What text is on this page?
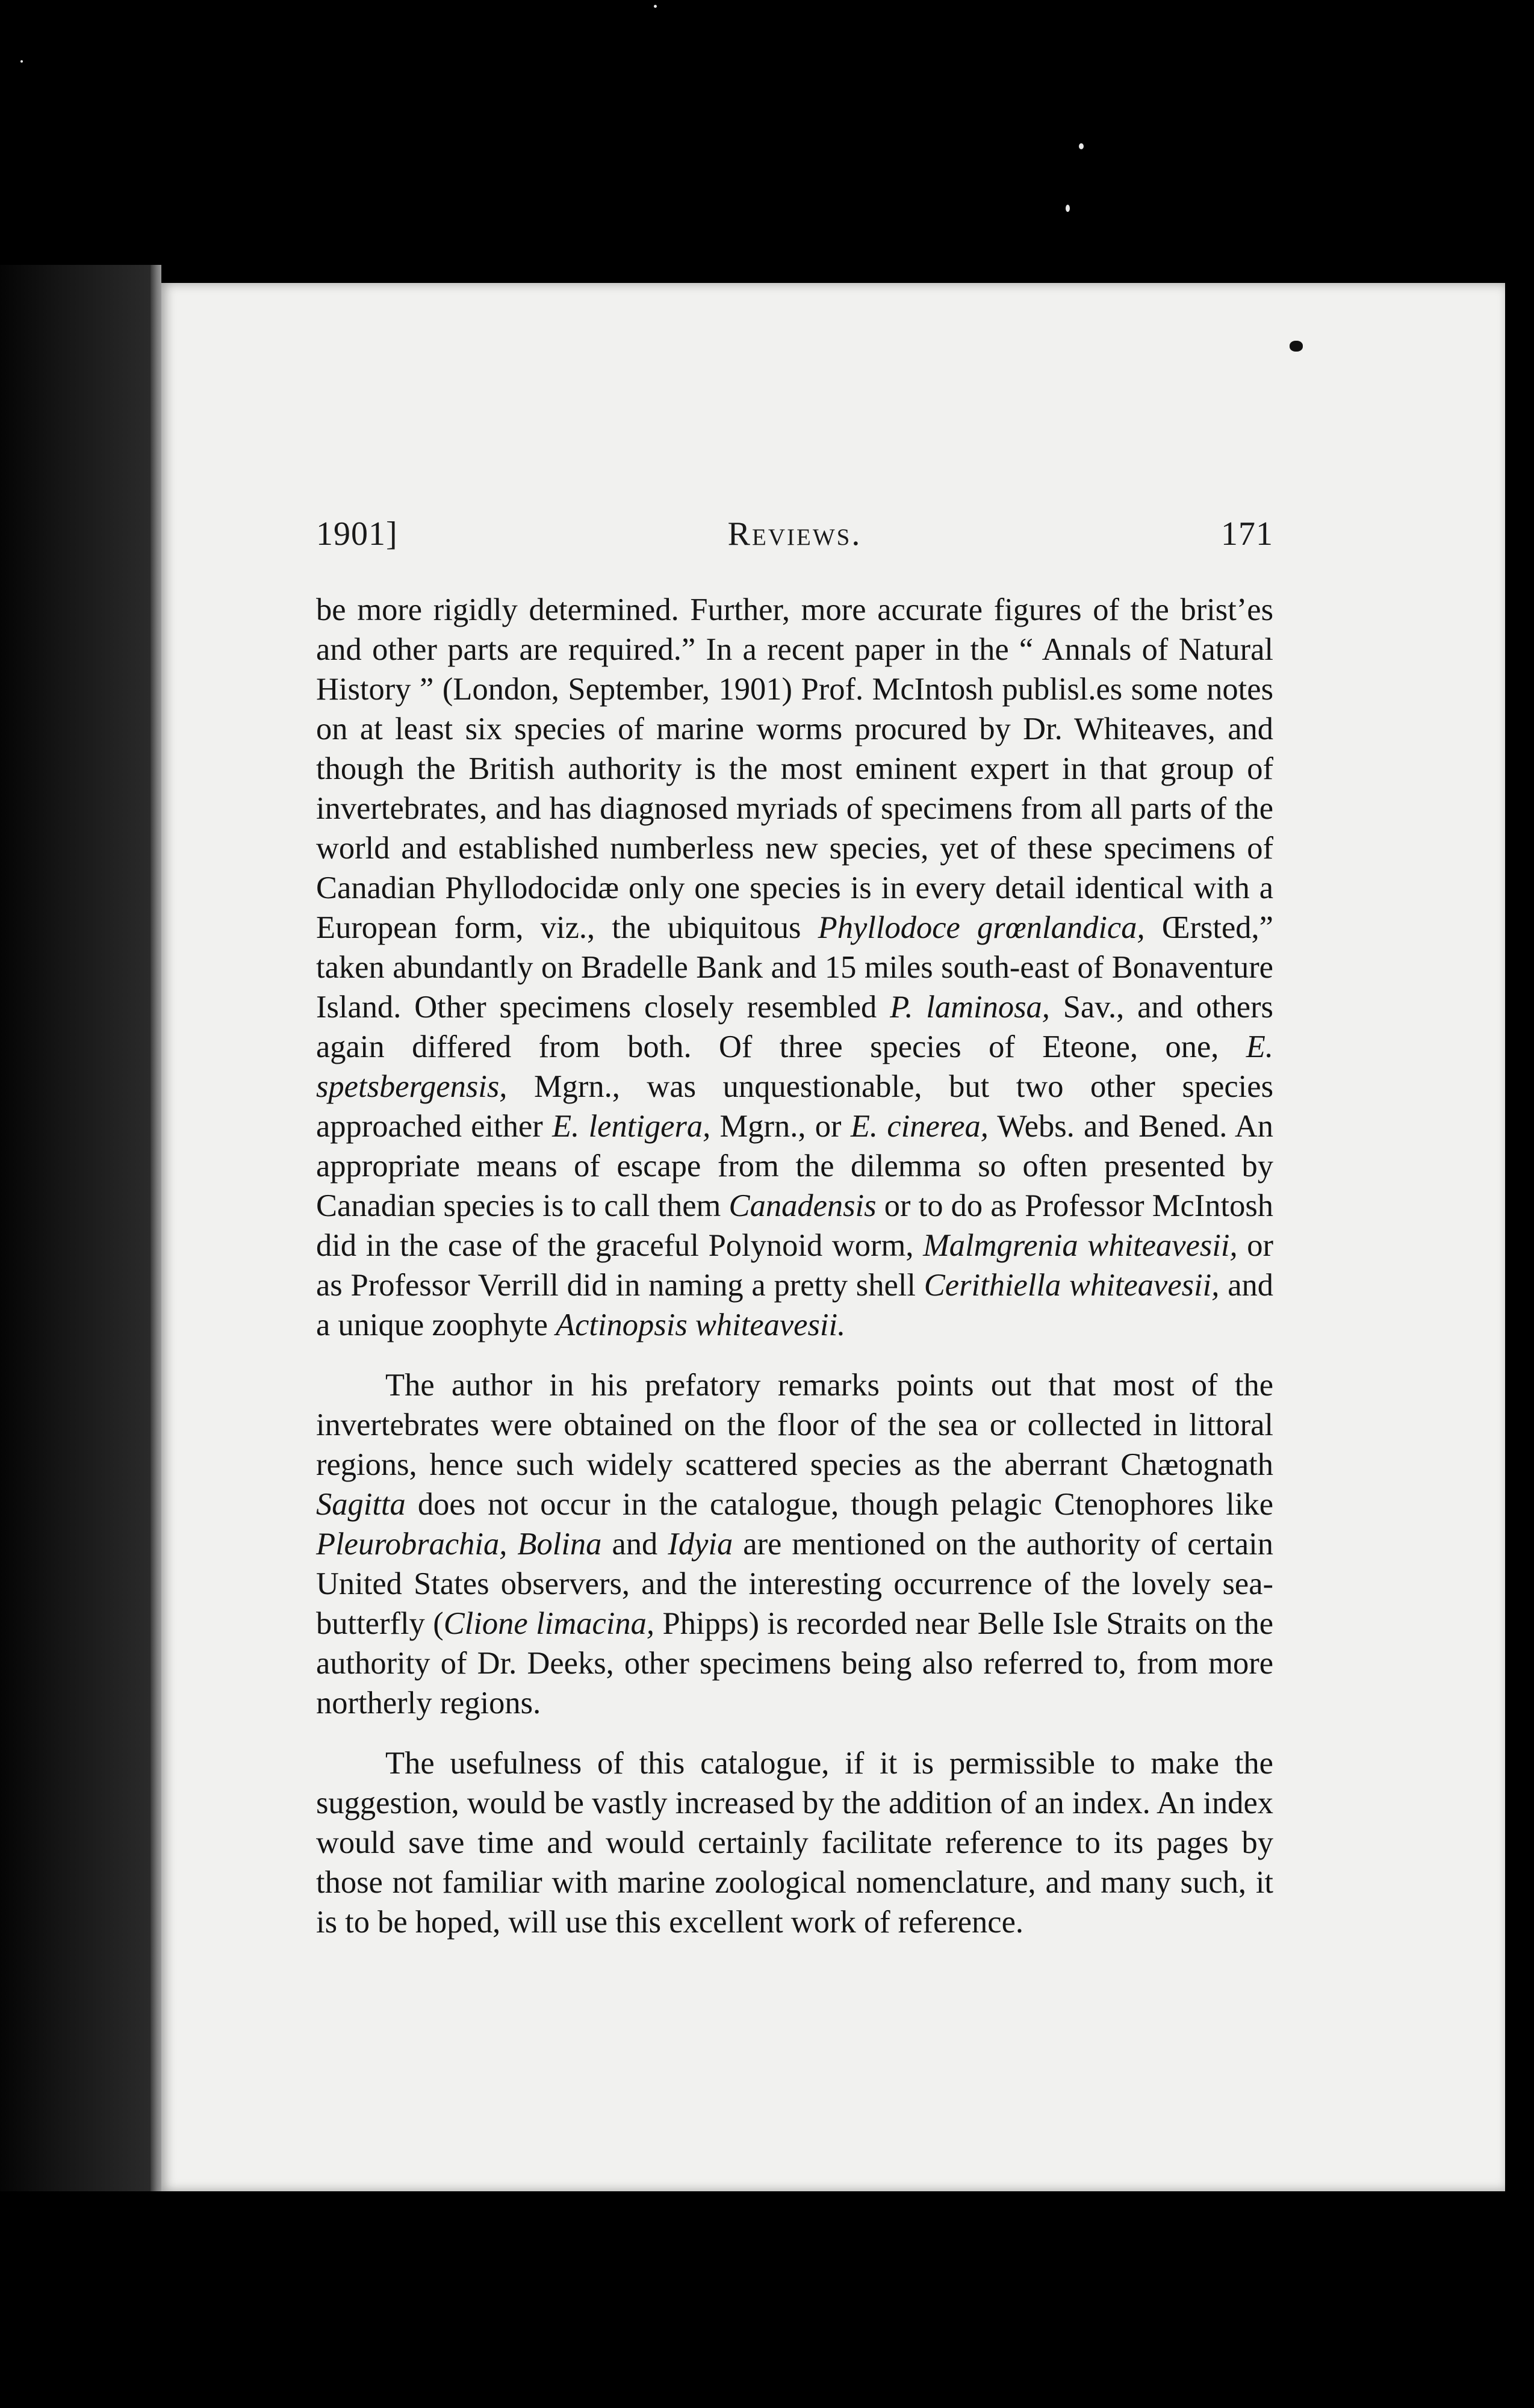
1901]	Reviews.	171

be more rigidly determined. Further, more accurate figures of the brist’es and other parts are required.” In a recent paper in the “ Annals of Natural History ” (London, September, 1901) Prof. McIntosh publisl.es some notes on at least six species of marine worms procured by Dr. Whiteaves, and though the British authority is the most eminent expert in that group of invertebrates, and has diagnosed myriads of specimens from all parts of the world and established numberless new species, yet of these specimens of Canadian Phyllodocidæ only one species is in every detail identical with a European form, viz., the ubiquitous Phyllodoce grœnlandica, Œrsted,” taken abundantly on Bradelle Bank and 15 miles south-east of Bonaventure Island. Other specimens closely resembled P. laminosa, Sav., and others again differed from both. Of three species of Eteone, one, E. spetsbergensis, Mgrn., was unquestionable, but two other species approached either E. lentigera, Mgrn., or E. cinerea, Webs. and Bened. An appropriate means of escape from the dilemma so often presented by Canadian species is to call them Canadensis or to do as Professor McIntosh did in the case of the graceful Polynoid worm, Malmgrenia whiteavesii, or as Professor Verrill did in naming a pretty shell Cerithiella whiteavesii, and a unique zoophyte Actinopsis whiteavesii.

The author in his prefatory remarks points out that most of the invertebrates were obtained on the floor of the sea or collected in littoral regions, hence such widely scattered species as the aberrant Chætognath Sagitta does not occur in the catalogue, though pelagic Ctenophores like Pleurobrachia, Bolina and Idyia are mentioned on the authority of certain United States observers, and the interesting occurrence of the lovely sea-butterfly (Clione limacina, Phipps) is recorded near Belle Isle Straits on the authority of Dr. Deeks, other specimens being also referred to, from more northerly regions.

The usefulness of this catalogue, if it is permissible to make the suggestion, would be vastly increased by the addition of an index. An index would save time and would certainly facilitate reference to its pages by those not familiar with marine zoological nomenclature, and many such, it is to be hoped, will use this excellent work of reference.
